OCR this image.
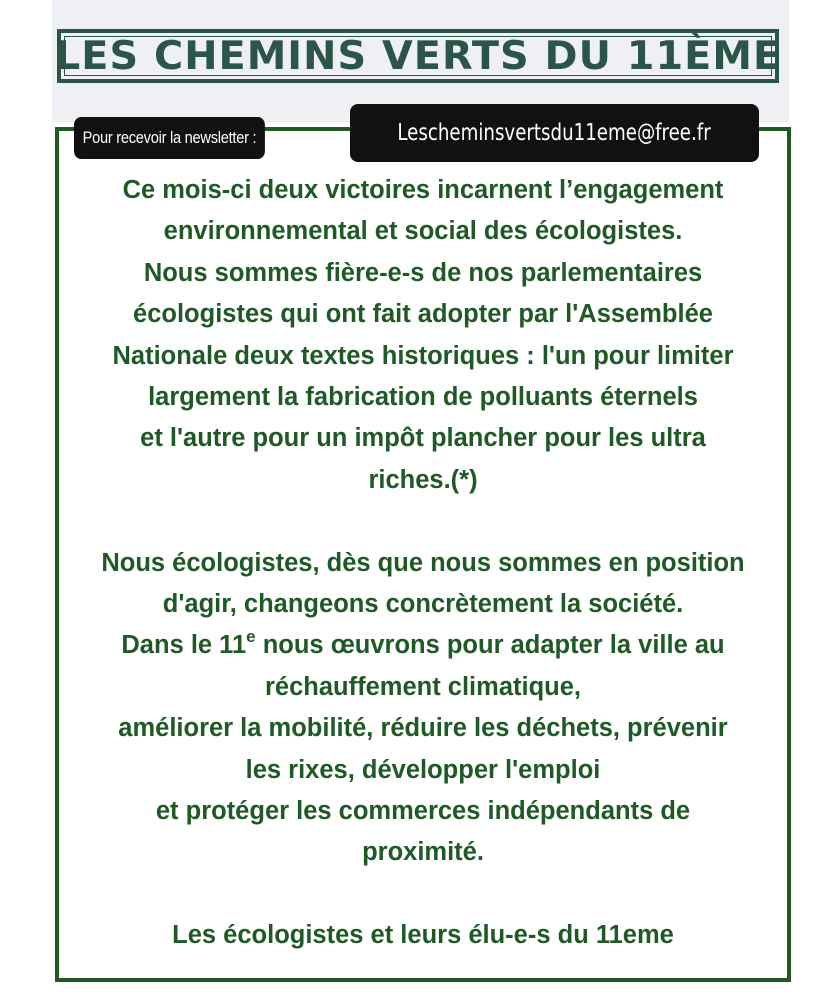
LES CHEMINS VERTS DU 11ÈME
Pour recevoir la newsletter :	Lescheminsvertsdu11eme@free.fr

Ce mois-ci deux victoires incarnent l’engagement
environnemental et social des écologistes.
Nous sommes fière-e-s de nos parlementaires
écologistes qui ont fait adopter par l'Assemblée
Nationale deux textes historiques : l'un pour limiter
largement la fabrication de polluants éternels
et l'autre pour un impôt plancher pour les ultra
riches.(*)

Nous écologistes, dès que nous sommes en position
d'agir, changeons concrètement la société.
Dans le 11e nous œuvrons pour adapter la ville au
réchauffement climatique,
améliorer la mobilité, réduire les déchets, prévenir
les rixes, développer l'emploi
et protéger les commerces indépendants de
proximité.

Les écologistes et leurs élu-e-s du 11eme
